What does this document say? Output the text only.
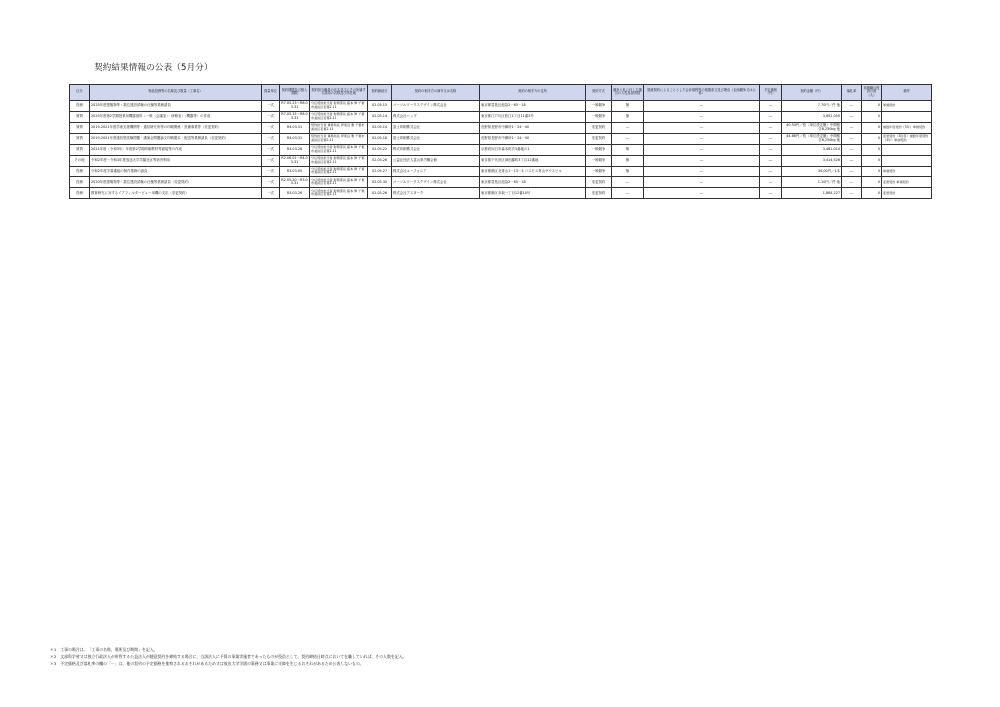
契約結果情報の公表（5月分）
区分	物品役務等の名称及び数量（工事名）	数量単位	契約期間及び納入期限	契約担当職員の氏名並びにその所属する部局の名称及び所在地	契約締結日	契約の相手方の商号又は名称	契約の相手方の住所	契約方式	競争入札に付した場合の入札参加者数	随意契約によることとした会計規程等の根拠条文及び理由（企画競争又は公募）	予定価格（円）	契約金額（円）	落札率	再就職の役員の数（人）	備考
役務	2025年度建築物等・数位建設試験の仕様等業務請負	一式	R7.05.23～R8.03.31	分任契約担当者 財務部長 藤本 修 千葉市美浜区若葉2-11	02.05.15	パーソルワークスデザイン株式会社	東京都豊島区池袋2－65－18	一般競争	無	―	―	7.70円／件 他	―	0	単価契約
賃貸	2025年度第2学期授業用機器借料（一般（会議室）・研修室）（機器等）の作成	一式	R7.05.15～R8.03.31	分任契約担当者 財務部長 藤本 修 千葉市美浜区若葉2-11	02.05.14	株式会社ハップ	東京都江戸川区松江1丁目11番3号	一般競争	無	―	―	3,652,050	―	0	
賃貸	2019-2021年度学術支援機関等・通信研究所等の印刷関係・設備事業等（変更契約）	一式	R4.03.31	契約担当者 事務局長 伊東良 雅 千葉市美浜区若葉2-11	02.05.14	富士印刷株式会社	長野県長野市中御所1－24－40	変更契約	―	―	―	40.54円／枚（単位設定額）中間報告8,250kg 他	―	0	複数年度契約（3年）単価契約
賃貸	2019-2021年度通信型試験問題・講演会問題論文印刷製本・配送等業務請負（変更契約）	一式	R4.03.31	契約担当者 事務局長 伊東良 雅 千葉市美浜区若葉2-11	02.05.18	富士印刷株式会社	長野県長野市中御所1－24－40	変更契約	―	―	―	44.66円／枚（単位設定額）中間報告8,250kg 他	―	0	変更契約（3回目）複数年度契約（3年）単価契約
賃貸	2021年度（令和3年）年度第2学期印刷教材等面接等の作成	一式	R3.03.28	分任契約担当者 財務部長 藤本 修 千葉市美浜区若葉2-11	02.05.22	株式印刷株式会社	京都府向日市森本町法3番地の1	一般競争	無	―	―	3,481,010	―	0	
その他	令和2年度～令和3年度放送大学学園北区等宿舎利用	一式	R2.06.01～R4.03.31	分任契約担当者 財務部長 藤本 修 千葉市美浜区若葉2-11	02.05.26	公益社団法人富山県労働会館	東京都千代田区神田錦町3丁目12番地	一般競争	無	―	―	3,414,526	―	0	
役務	令和2年度字幕番組の制作業務の請負	一式	R3.03.05	分任契約担当者 財務部長 藤本 修 千葉市美浜区若葉2-11	02.05.27	株式会社ユーフォニア	東京都港区北青山1－13－3 コスモス青山サウスビル	一般競争	無	―	―	34.00円／1本	―	0	単価契約
役務	2020年度建築物等・数位建設試験の仕様等業務請負（変更契約）	一式	R2.05.20～R3.03.31	分任契約担当者 財務部長 藤本 修 千葉市美浜区若葉2-11	02.05.30	パーソルワークスデザイン株式会社	東京都豊島区池袋2－65－18	変更契約	―	―	―	1.10円／件 他	―	0	変更契約 単価契約
役務	教育研究に対するイアフィルタービュー用機の支払（変更契約）	一式	R3.03.26	分任契約担当者 財務部長 藤本 修 千葉市美浜区若葉2-11	02.05.26	株式会社アスターク	東京都港区赤坂一丁目12番10号	変更契約	―	―	―	1,884,227	―	0	変更契約
＊1　工事の場合は、「工事の名称、場所及び期間」を記入。
＊2　文部科学省又は独立行政法人が所管する公益法人が随意契約を締結する場合に、当該法人に予算の事業実施者であったものが役員として、契約締結日時点において在職していれば、その人数を記入。
＊3　予定価格及び落札率の欄の「－」は、他の契約の予定価格を推察されるおそれがあるため又は放送大学学園の事務又は事業に支障を生じるおそれがあるため公表しないもの。
